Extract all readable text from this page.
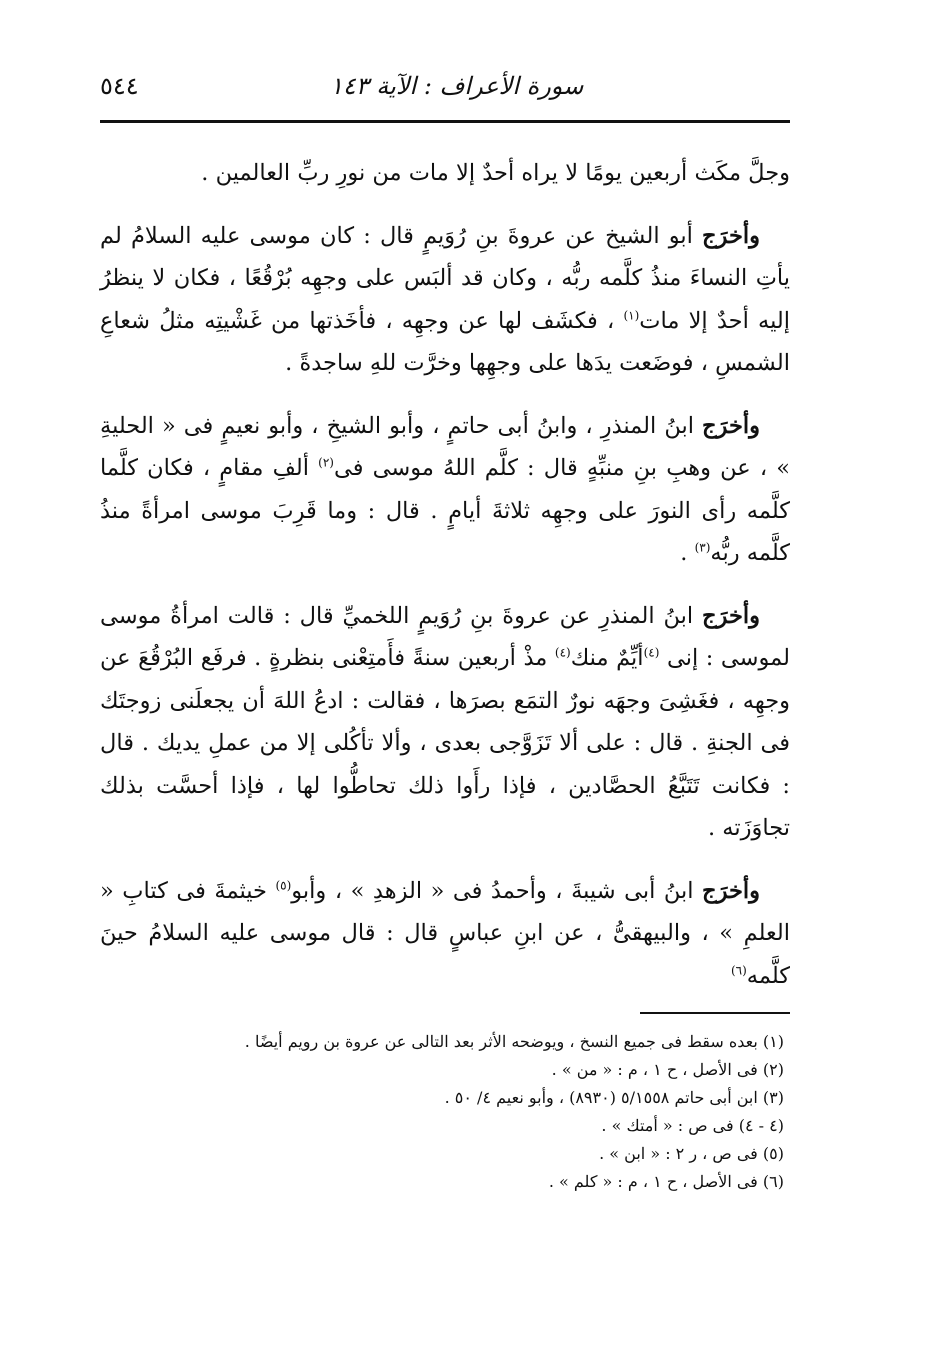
٥٤٤	سورة الأعراف : الآية ١٤٣

وجلَّ مكَث أربعين يومًا لا يراه أحدٌ إلا مات من نورِ ربِّ العالمين .

وأخرَج أبو الشيخ عن عروةَ بنِ رُوَيمٍ قال : كان موسى عليه السلامُ لم يأتِ النساءَ منذُ كلَّمه ربُّه ، وكان قد ألبَس على وجهِه بُرْقُعًا ، فكان لا ينظرُ إليه أحدٌ إلا مات$^{(١)}$ ، فكشَف لها عن وجهِه ، فأخَذتها من غَشْيتِه مثلُ شعاعِ الشمسِ ، فوضَعت يدَها على وجهِها وخرَّت للهِ ساجدةً .

وأخرَج ابنُ المنذرِ ، وابنُ أبى حاتمٍ ، وأبو الشيخِ ، وأبو نعيمٍ فى « الحليةِ » ، عن وهبِ بنِ منبِّهٍ قال : كلَّم اللهُ موسى فى$^{(٢)}$ ألفِ مقامٍ ، فكان كلَّما كلَّمه رأى النورَ على وجهِه ثلاثةَ أيامٍ . قال : وما قَرِبَ موسى امرأةً منذُ كلَّمه ربُّه$^{(٣)}$ .

وأخرَج ابنُ المنذرِ عن عروةَ بنِ رُوَيمٍ اللخميِّ قال : قالت امرأةُ موسى لموسى : إنى $^{(٤)}$أيِّمٌ منك$^{(٤)}$ مذْ أربعين سنةً فأَمتِعْنى بنظرةٍ . فرفَع البُرْقُعَ عن وجهِه ، فغَشِىَ وجهَه نورٌ التمَع بصرَها ، فقالت : ادعُ اللهَ أن يجعلَنى زوجتَك فى الجنةِ . قال : على ألا تَزَوَّجى بعدى ، وألا تأكُلى إلا من عملِ يديك . قال : فكانت تَتَبَّعُ الحصَّادين ، فإذا رأَوا ذلك تحاطُّوا لها ، فإذا أحسَّت بذلك تجاوَزَته .

وأخرَج ابنُ أبى شيبةَ ، وأحمدُ فى « الزهدِ » ، وأبو$^{(٥)}$ خيثمةَ فى كتابِ « العلمِ » ، والبيهقىُّ ، عن ابنِ عباسٍ قال : قال موسى عليه السلامُ حينَ كلَّمه$^{(٦)}$

(١) بعده سقط فى جميع النسخ ، ويوضحه الأثر بعد التالى عن عروة بن رويم أيضًا .
(٢) فى الأصل ، ح ١ ، م : « من » .
(٣) ابن أبى حاتم ٥/١٥٥٨ (٨٩٣٠) ، وأبو نعيم ٤/ ٥٠ .
(٤ - ٤) فى ص : « أمتك » .
(٥) فى ص ، ر ٢ : « ابن » .
(٦) فى الأصل ، ح ١ ، م : « كلم » .
